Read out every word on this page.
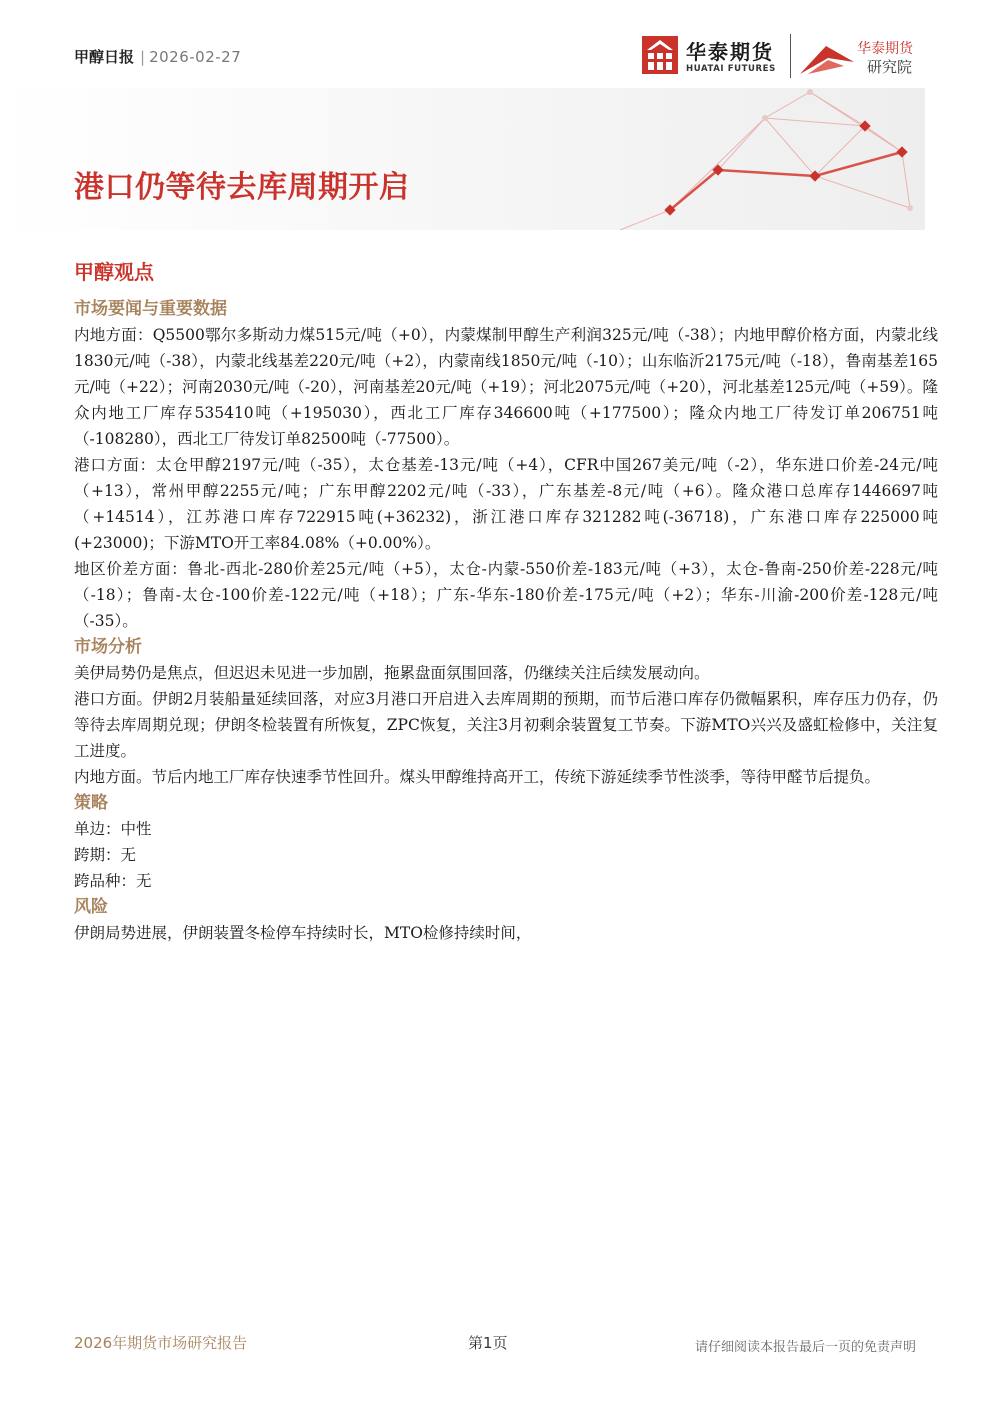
甲醇日报 | 2026-02-27	华泰期货
HUATAI FUTURES
华泰期货
研究院
港口仍等待去库周期开启
甲醇观点
市场要闻与重要数据

内地方面：Q5500鄂尔多斯动力煤515元/吨（+0），内蒙煤制甲醇生产利润325元/吨（-38）；内地甲醇价格方面，内蒙北线1830元/吨（-38），内蒙北线基差220元/吨（+2），内蒙南线1850元/吨（-10）；山东临沂2175元/吨（-18），鲁南基差165元/吨（+22）；河南2030元/吨（-20），河南基差20元/吨（+19）；河北2075元/吨（+20），河北基差125元/吨（+59）。隆众内地工厂库存535410吨（+195030），西北工厂库存346600吨（+177500）；隆众内地工厂待发订单206751吨（-108280），西北工厂待发订单82500吨（-77500）。

港口方面：太仓甲醇2197元/吨（-35），太仓基差-13元/吨（+4），CFR中国267美元/吨（-2），华东进口价差-24元/吨（+13），常州甲醇2255元/吨；广东甲醇2202元/吨（-33），广东基差-8元/吨（+6）。隆众港口总库存1446697吨（+14514），江苏港口库存722915吨(+36232)，浙江港口库存321282吨(-36718)，广东港口库存225000吨(+23000)；下游MTO开工率84.08%（+0.00%）。

地区价差方面：鲁北-西北-280价差25元/吨（+5），太仓-内蒙-550价差-183元/吨（+3），太仓-鲁南-250价差-228元/吨（-18）；鲁南-太仓-100价差-122元/吨（+18）；广东-华东-180价差-175元/吨（+2）；华东-川渝-200价差-128元/吨（-35）。

市场分析

美伊局势仍是焦点，但迟迟未见进一步加剧，拖累盘面氛围回落，仍继续关注后续发展动向。

港口方面。伊朗2月装船量延续回落，对应3月港口开启进入去库周期的预期，而节后港口库存仍微幅累积，库存压力仍存，仍等待去库周期兑现；伊朗冬检装置有所恢复，ZPC恢复，关注3月初剩余装置复工节奏。下游MTO兴兴及盛虹检修中，关注复工进度。

内地方面。节后内地工厂库存快速季节性回升。煤头甲醇维持高开工，传统下游延续季节性淡季，等待甲醛节后提负。

策略

单边：中性

跨期：无

跨品种：无

风险

伊朗局势进展，伊朗装置冬检停车持续时长，MTO检修持续时间，

2026年期货市场研究报告	第1页	请仔细阅读本报告最后一页的免责声明
